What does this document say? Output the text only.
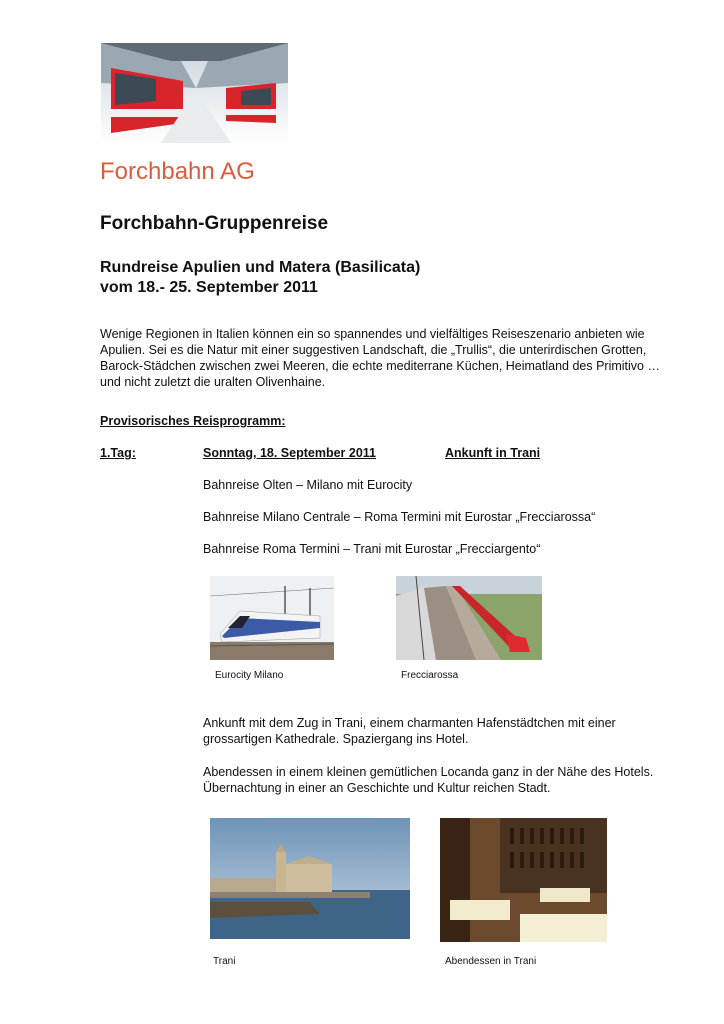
Forchbahn AG
Forchbahn-Gruppenreise
Rundreise Apulien und Matera (Basilicata)
vom 18.- 25. September 2011
Wenige Regionen in Italien können ein so spannendes und vielfältiges Reiseszenario anbieten wie Apulien. Sei es die Natur mit einer suggestiven Landschaft, die „Trullis“, die unterirdischen Grotten, Barock-Städchen zwischen zwei Meeren, die echte mediterrane Küchen, Heimatland des Primitivo … und nicht zuletzt die uralten Olivenhaine.
Provisorisches Reisprogramm:
1.Tag:	Sonntag, 18. September 2011	Ankunft in Trani
Bahnreise Olten – Milano mit Eurocity
Bahnreise Milano Centrale – Roma Termini mit Eurostar „Frecciarossa“
Bahnreise Roma Termini – Trani mit Eurostar „Frecciargento“
Eurocity Milano	Frecciarossa
Ankunft mit dem Zug in Trani, einem charmanten Hafenstädtchen mit einer grossartigen Kathedrale. Spaziergang ins Hotel.
Abendessen in einem kleinen gemütlichen Locanda ganz in der Nähe des Hotels. Übernachtung in einer an Geschichte und Kultur reichen Stadt.
Trani	Abendessen in Trani
